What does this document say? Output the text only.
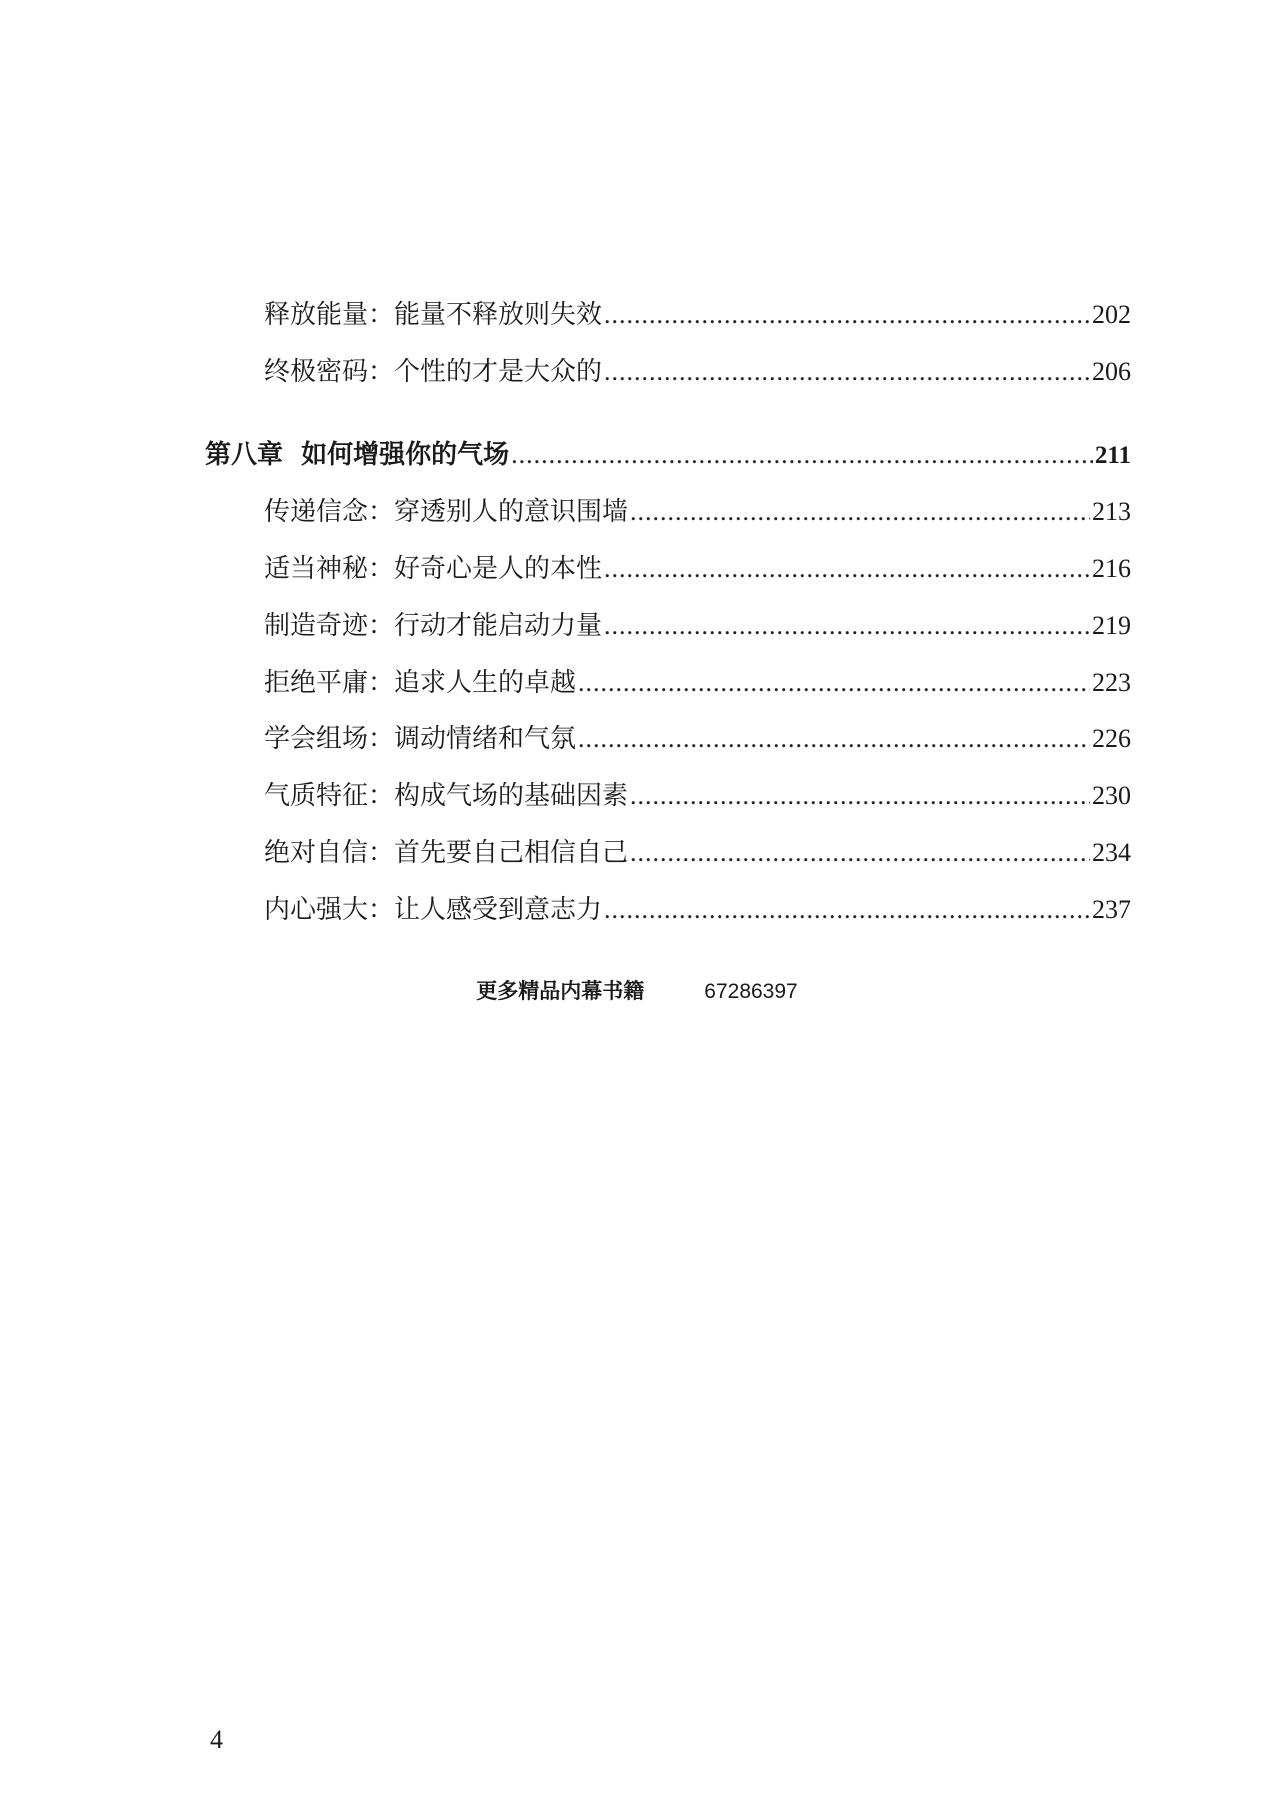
释放能量：能量不释放则失效 .....	202
终极密码：个性的才是大众的 .....	206
第八章  如何增强你的气场 .....	211
传递信念：穿透别人的意识围墙 .....	213
适当神秘：好奇心是人的本性 .....	216
制造奇迹：行动才能启动力量 .....	219
拒绝平庸：追求人生的卓越 .....	223
学会组场：调动情绪和气氛 .....	226
气质特征：构成气场的基础因素 .....	230
绝对自信：首先要自己相信自己 .....	234
内心强大：让人感受到意志力 .....	237
更多精品内幕书籍	67286397
4
